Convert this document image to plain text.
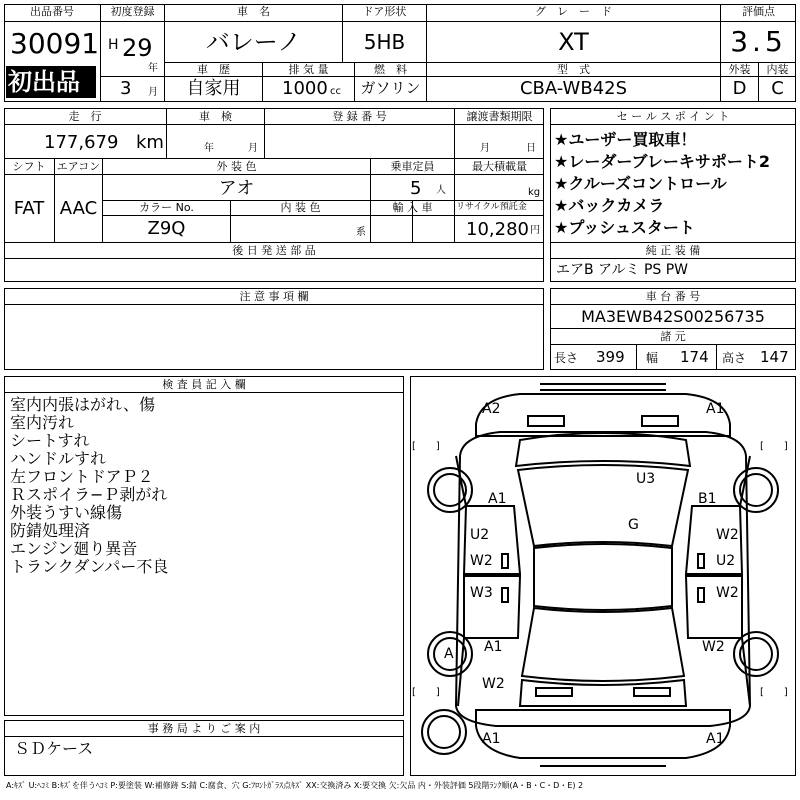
出品番号
30091
初出品
初度登録
H 29
年
3 月
車　名
バレーノ
ドア形状
5HB
グ　レ　ー　ド
XT
評価点
3.5
車　歴
自家用
排 気 量
1000 cc
燃　料
ガソリン
型　式
CBA-WB42S
外装	内装
D	C
走　行
177,679 km
車　検
年	月
登 録 番 号	譲渡書類期限
月	日
シフト
FAT
エアコン
AAC
外 装 色
アオ
乗車定員
5 人
最大積載量
kg
カラー No.
Z9Q
内 装 色
系
輸 入 車	リサイクル預託金
10,280 円
後 日 発 送 部 品
注 意 事 項 欄
セ ー ル ス ポ イ ン ト
★ユーザー買取車！
★レーダーブレーキサポート2
★クルーズコントロール
★バックカメラ
★プッシュスタート
純 正 装 備
エアB アルミ PS PW
車 台 番 号
MA3EWB42S00256735
諸 元
長さ 399 幅 174 高さ 147
検 査 員 記 入 欄
室内内張はがれ、傷
室内汚れ
シートすれ
ハンドルすれ
左フロントドアＰ２
Ｒスポイラ−Ｐ剥がれ
外装うすい線傷
防錆処理済
エンジン廻り異音
トランクダンパー不良
事 務 局 よ り ご 案 内
ＳＤケース
A2	A1
U3
A1	B1
U2
W2
G
W2
W2
U2
W3
W2
A A1
W2
A1	A1
[　　]	[　　]
[　　]	[　　]
A:ｷｽﾞ U:ﾍｺﾐ B:ｷｽﾞを伴うﾍｺﾐ P:要塗装 W:補修跡 S:錆 C:腐食、穴 G:ﾌﾛﾝﾄｶﾞﾗｽ点ｷｽﾞ XX:交換済み X:要交換 欠:欠品 内・外装評価 5段階ﾗﾝｸ順(A・B・C・D・E) 2
